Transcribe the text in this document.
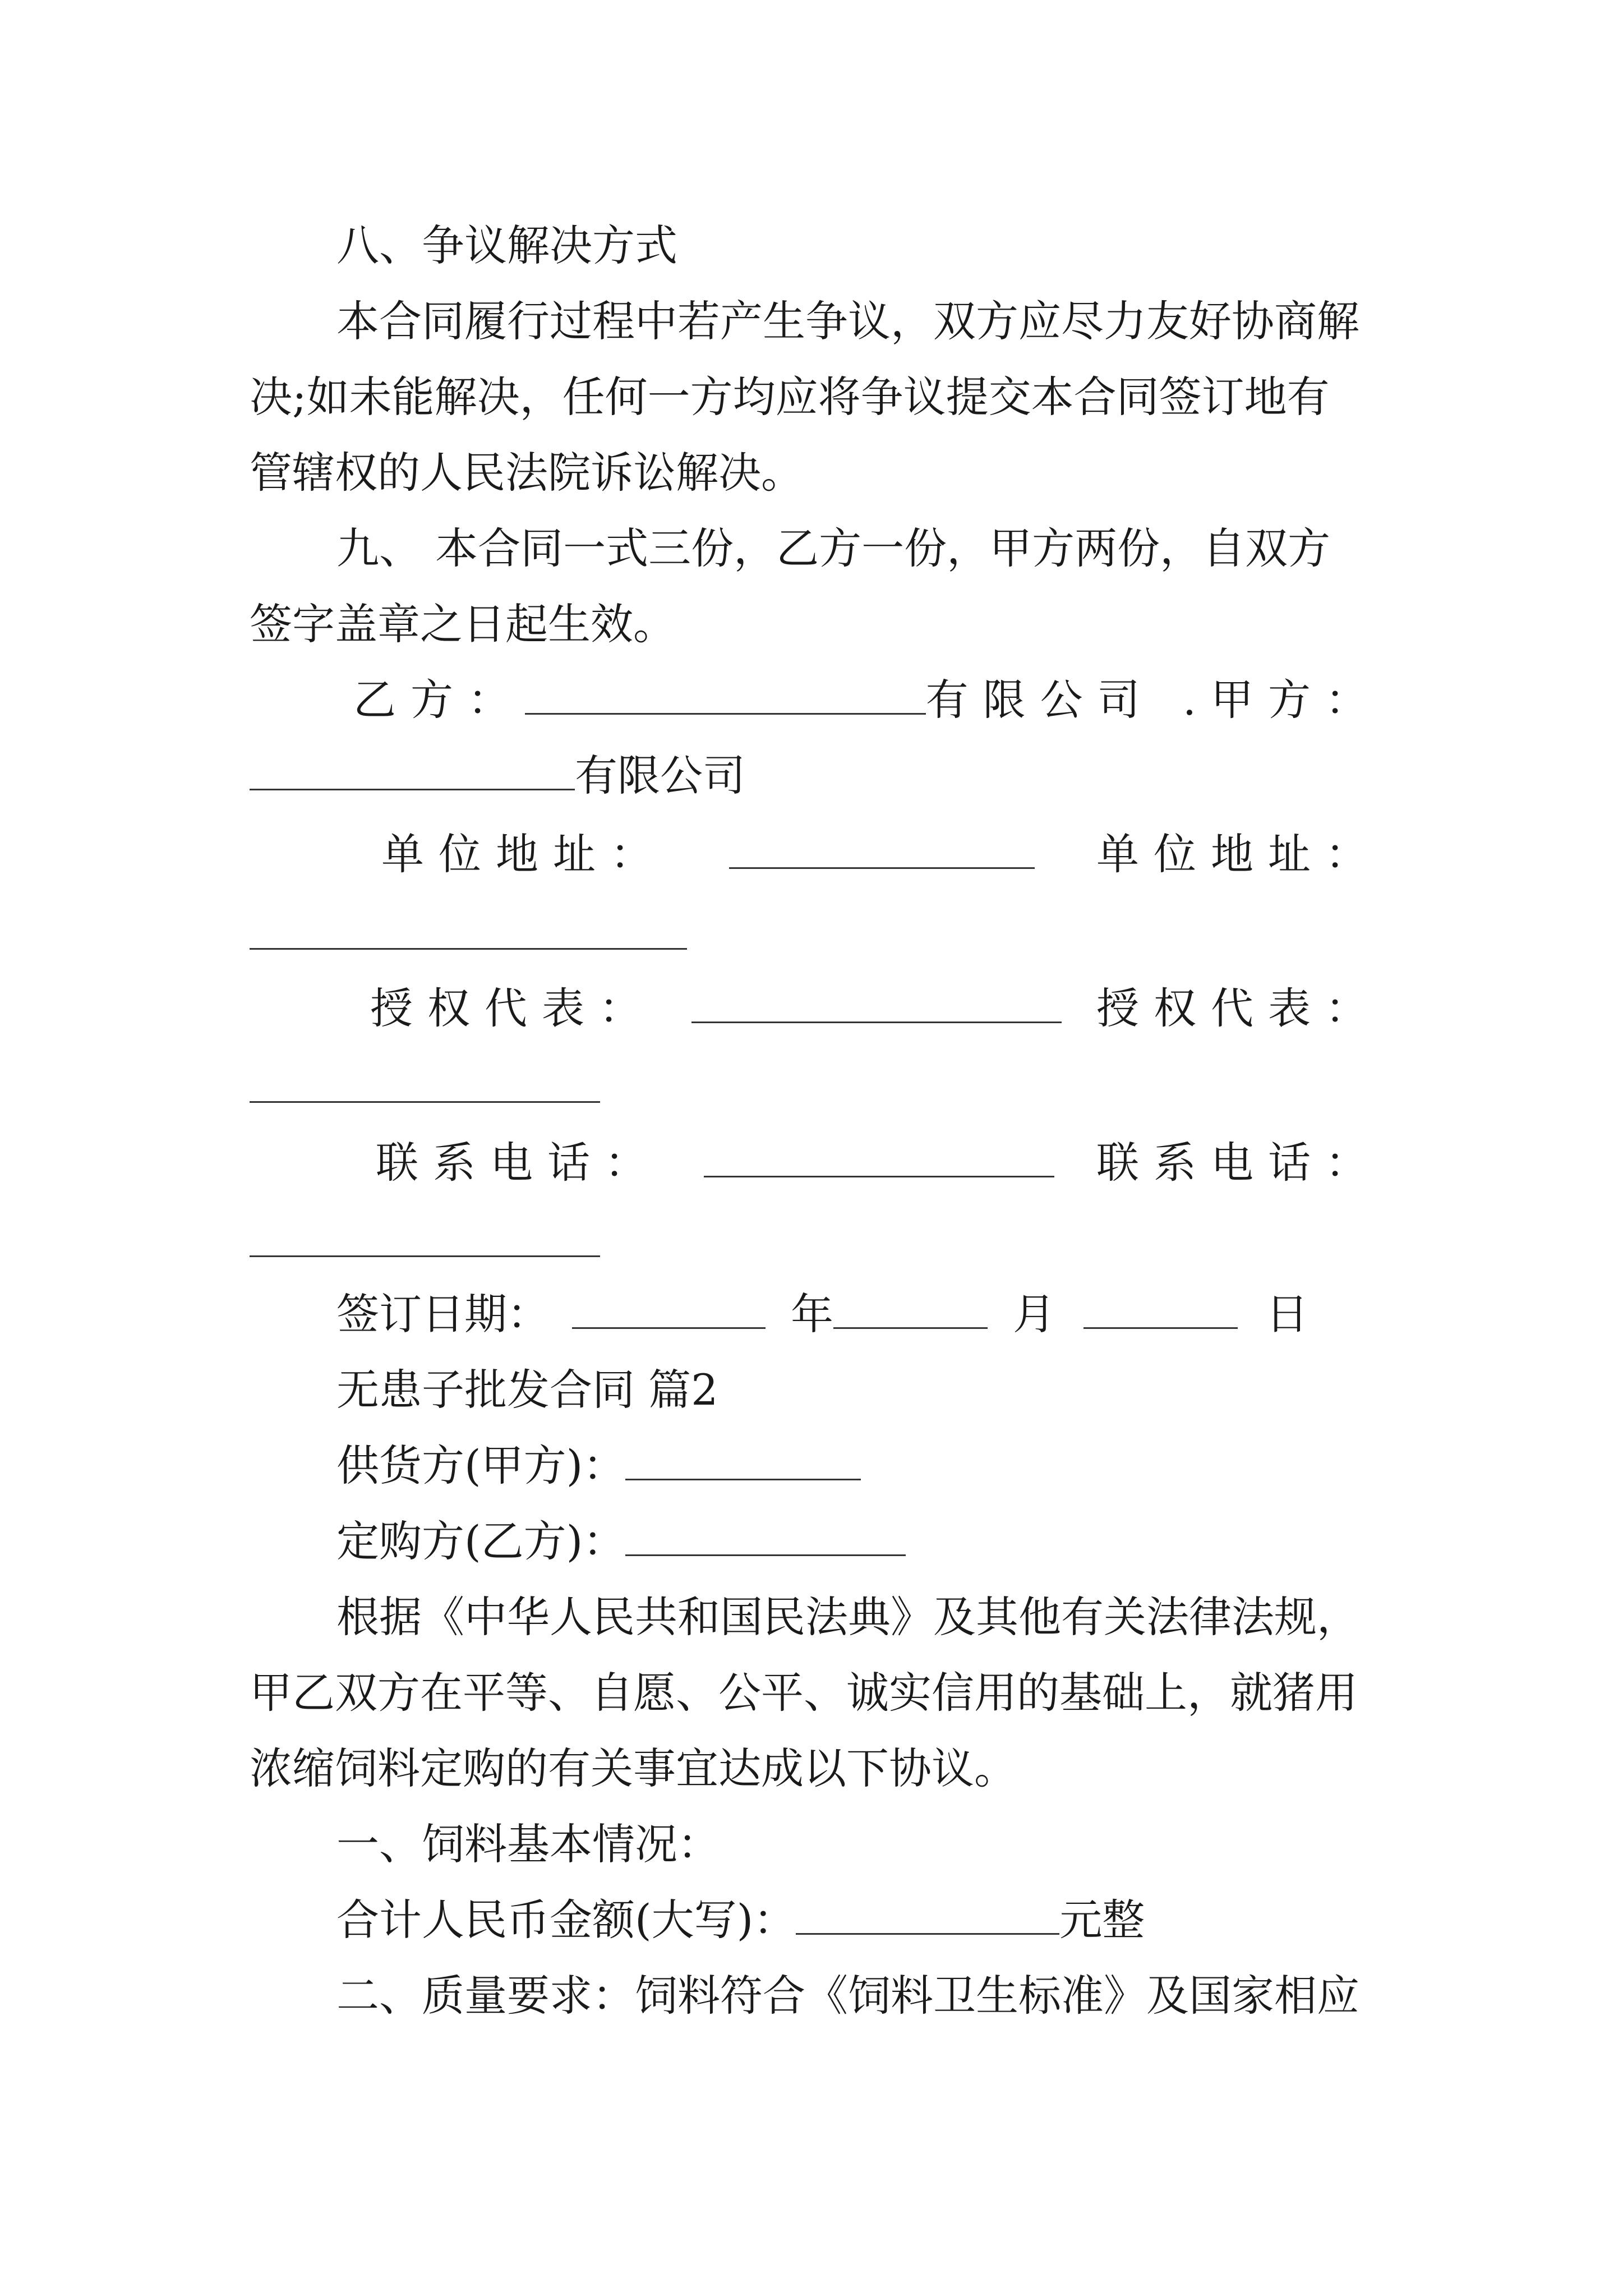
八、争议解决方式
本合同履行过程中若产生争议，双方应尽力友好协商解
决;如未能解决，任何一方均应将争议提交本合同签订地有
管辖权的人民法院诉讼解决。
九、 本合同一式三份，乙方一份，甲方两份，自双方
签字盖章之日起生效。
乙方：	有限公司 . 甲方：
有限公司
单位地址：	单位地址：
授权代表：	授权代表：
联系电话：	联系电话：
签订日期：	年	月	日
无患子批发合同 篇2
供货方(甲方)：
定购方(乙方)：
根据《中华人民共和国民法典》及其他有关法律法规，
甲乙双方在平等、自愿、公平、诚实信用的基础上，就猪用
浓缩饲料定购的有关事宜达成以下协议。
一、饲料基本情况：
合计人民币金额(大写)：	元整
二、质量要求：饲料符合《饲料卫生标准》及国家相应
